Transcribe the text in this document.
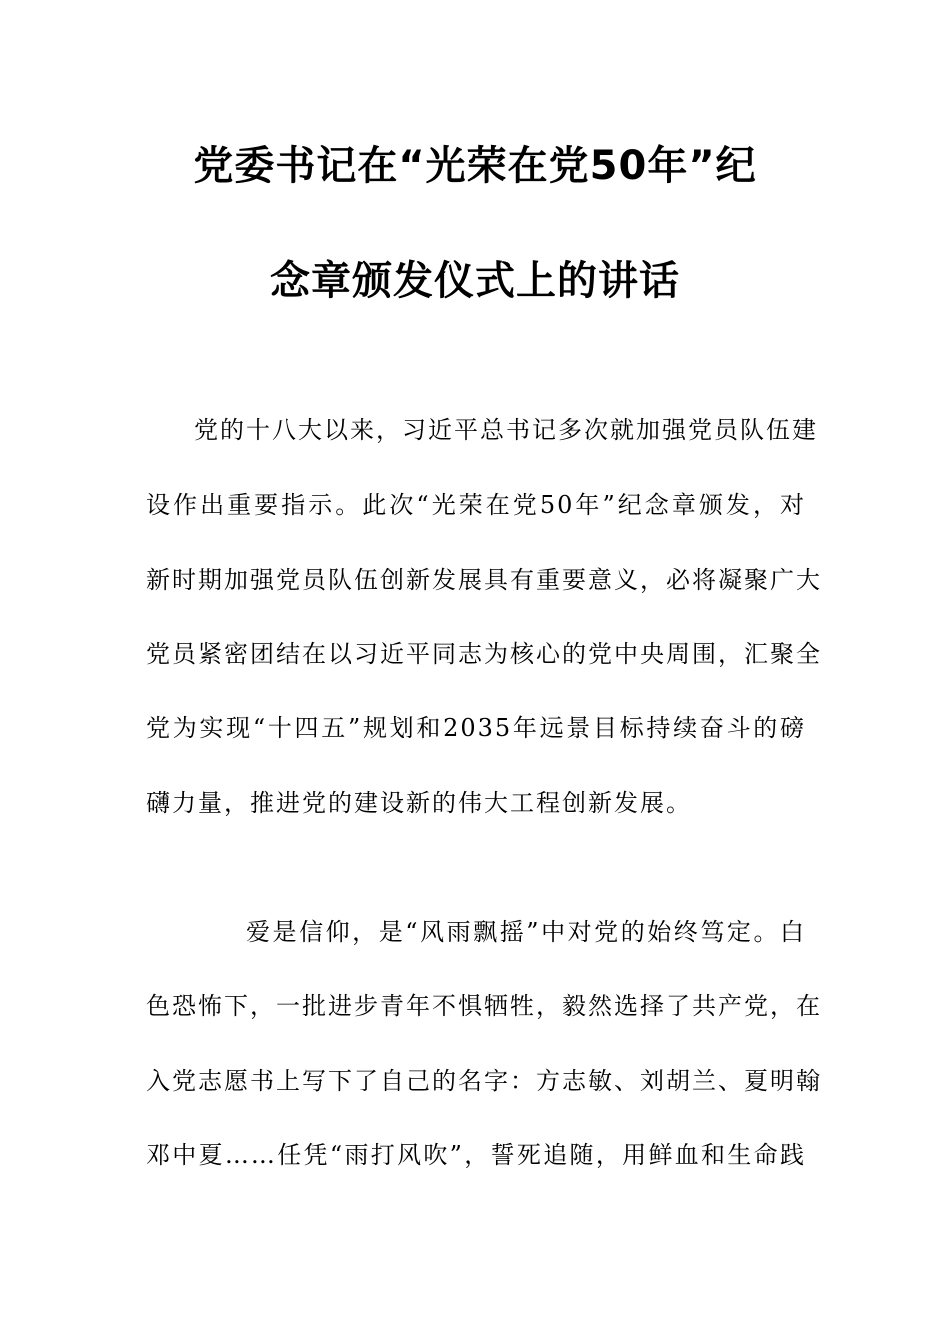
党委书记在“光荣在党50年”纪
念章颁发仪式上的讲话
党的十八大以来，习近平总书记多次就加强党员队伍建
设作出重要指示。此次“光荣在党50年”纪念章颁发，对
新时期加强党员队伍创新发展具有重要意义，必将凝聚广大
党员紧密团结在以习近平同志为核心的党中央周围，汇聚全
党为实现“十四五”规划和2035年远景目标持续奋斗的磅
礴力量，推进党的建设新的伟大工程创新发展。
爱是信仰，是“风雨飘摇”中对党的始终笃定。白
色恐怖下，一批进步青年不惧牺牲，毅然选择了共产党，在
入党志愿书上写下了自己的名字：方志敏、刘胡兰、夏明翰
邓中夏……任凭“雨打风吹”，誓死追随，用鲜血和生命践
